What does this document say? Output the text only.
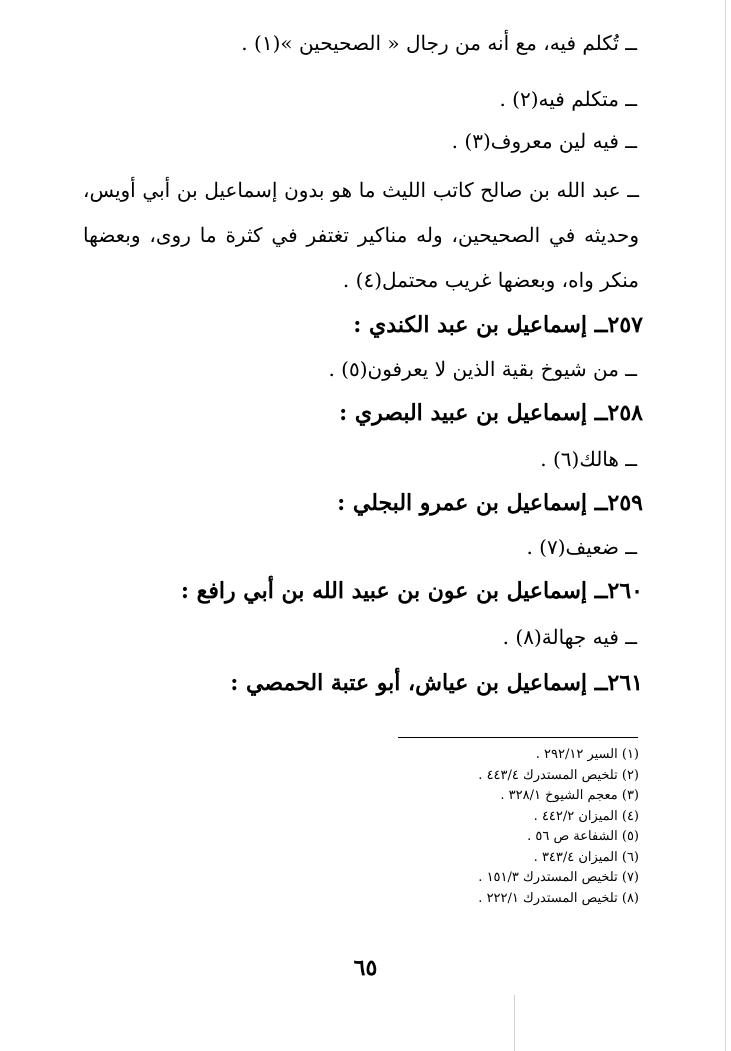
ــ تُكلم فيه، مع أنه من رجال « الصحيحين »(١) .
ــ متكلم فيه(٢) .
ــ فيه لين معروف(٣) .
ــ عبد الله بن صالح كاتب الليث ما هو بدون إسماعيل بن أبي أويس، وحديثه في الصحيحين، وله مناكير تغتفر في كثرة ما روى، وبعضها منكر واه، وبعضها غريب محتمل(٤) .
٢٥٧ــ إسماعيل بن عبد الكندي :
ــ من شيوخ بقية الذين لا يعرفون(٥) .
٢٥٨ــ إسماعيل بن عبيد البصري :
ــ هالك(٦) .
٢٥٩ــ إسماعيل بن عمرو البجلي :
ــ ضعيف(٧) .
٢٦٠ــ إسماعيل بن عون بن عبيد الله بن أبي رافع :
ــ فيه جهالة(٨) .
٢٦١ــ إسماعيل بن عياش، أبو عتبة الحمصي :
(١) السير ٢٩٢/١٢ .
(٢) تلخيص المستدرك ٤٤٣/٤ .
(٣) معجم الشيوخ ٣٢٨/١ .
(٤) الميزان ٤٤٢/٢ .
(٥) الشفاعة ص ٥٦ .
(٦) الميزان ٣٤٣/٤ .
(٧) تلخيص المستدرك ١٥١/٣ .
(٨) تلخيص المستدرك ٢٢٢/١ .
٦٥
